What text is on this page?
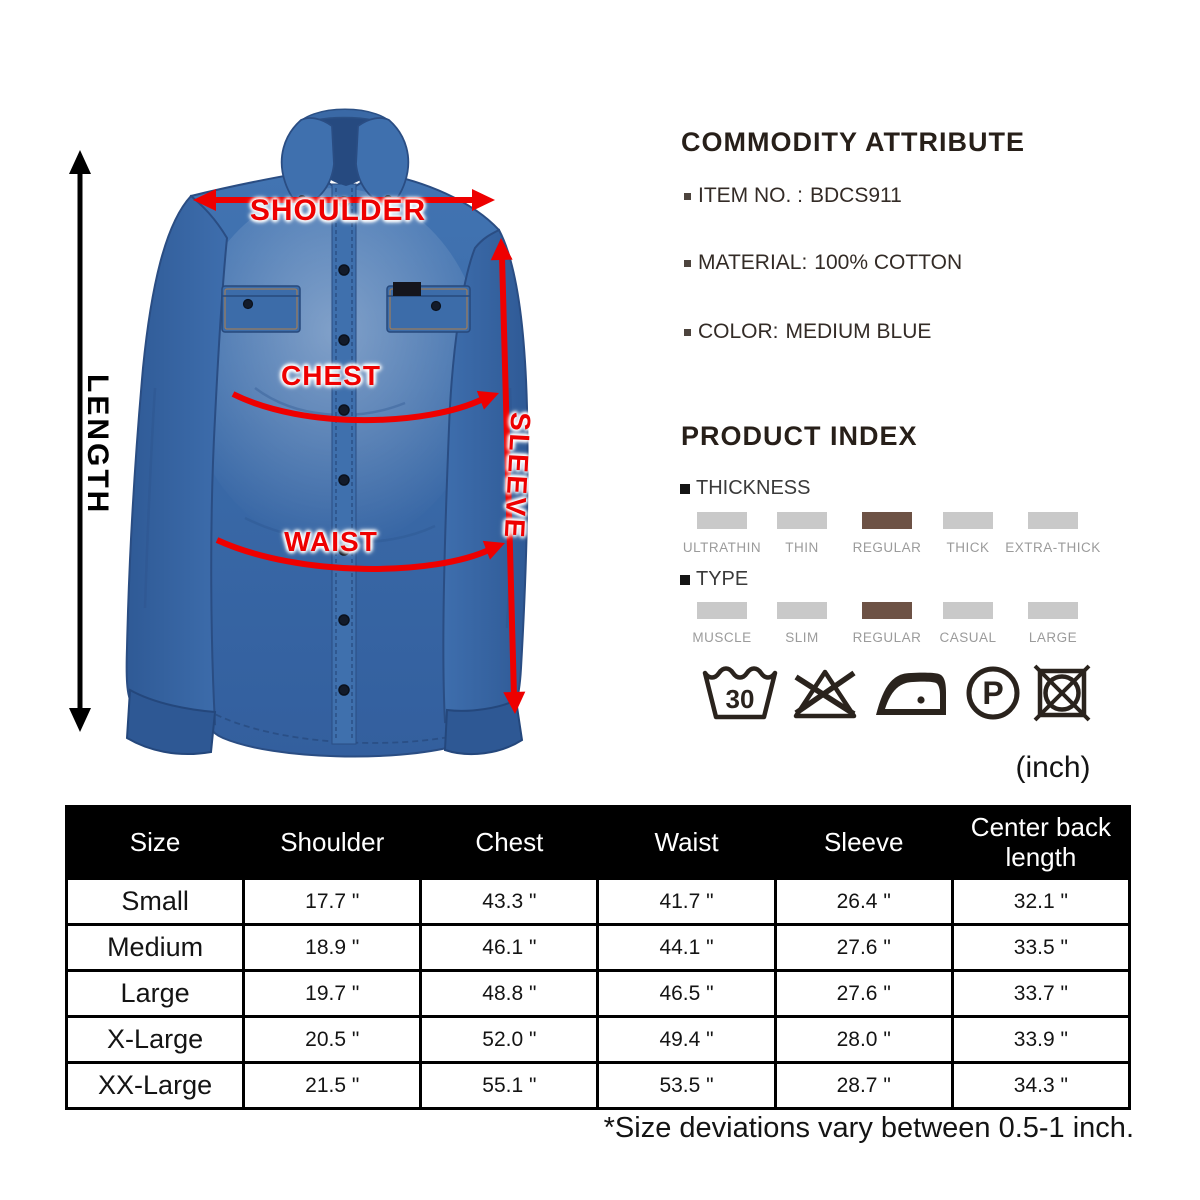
SHOULDER
CHEST
WAIST
SLEEVE
LENGTH
COMMODITY ATTRIBUTE
ITEM NO. : BDCS911
MATERIAL: 100% COTTON
COLOR: MEDIUM BLUE
PRODUCT INDEX
THICKNESS
ULTRATHIN THIN	REGULAR THICK EXTRA-THICK
TYPE
MUSCLE SLIM	REGULAR CASUAL LARGE
30	P
(inch)
Size	Shoulder	Chest	Waist	Sleeve	Center back length
Small	17.7 "	43.3 "	41.7 "	26.4 "	32.1 "
Medium	18.9 "	46.1 "	44.1 "	27.6 "	33.5 "
Large	19.7 "	48.8 "	46.5 "	27.6 "	33.7 "
X-Large	20.5 "	52.0 "	49.4 "	28.0 "	33.9 "
XX-Large	21.5 "	55.1 "	53.5 "	28.7 "	34.3 "
*Size deviations vary between 0.5-1 inch.
